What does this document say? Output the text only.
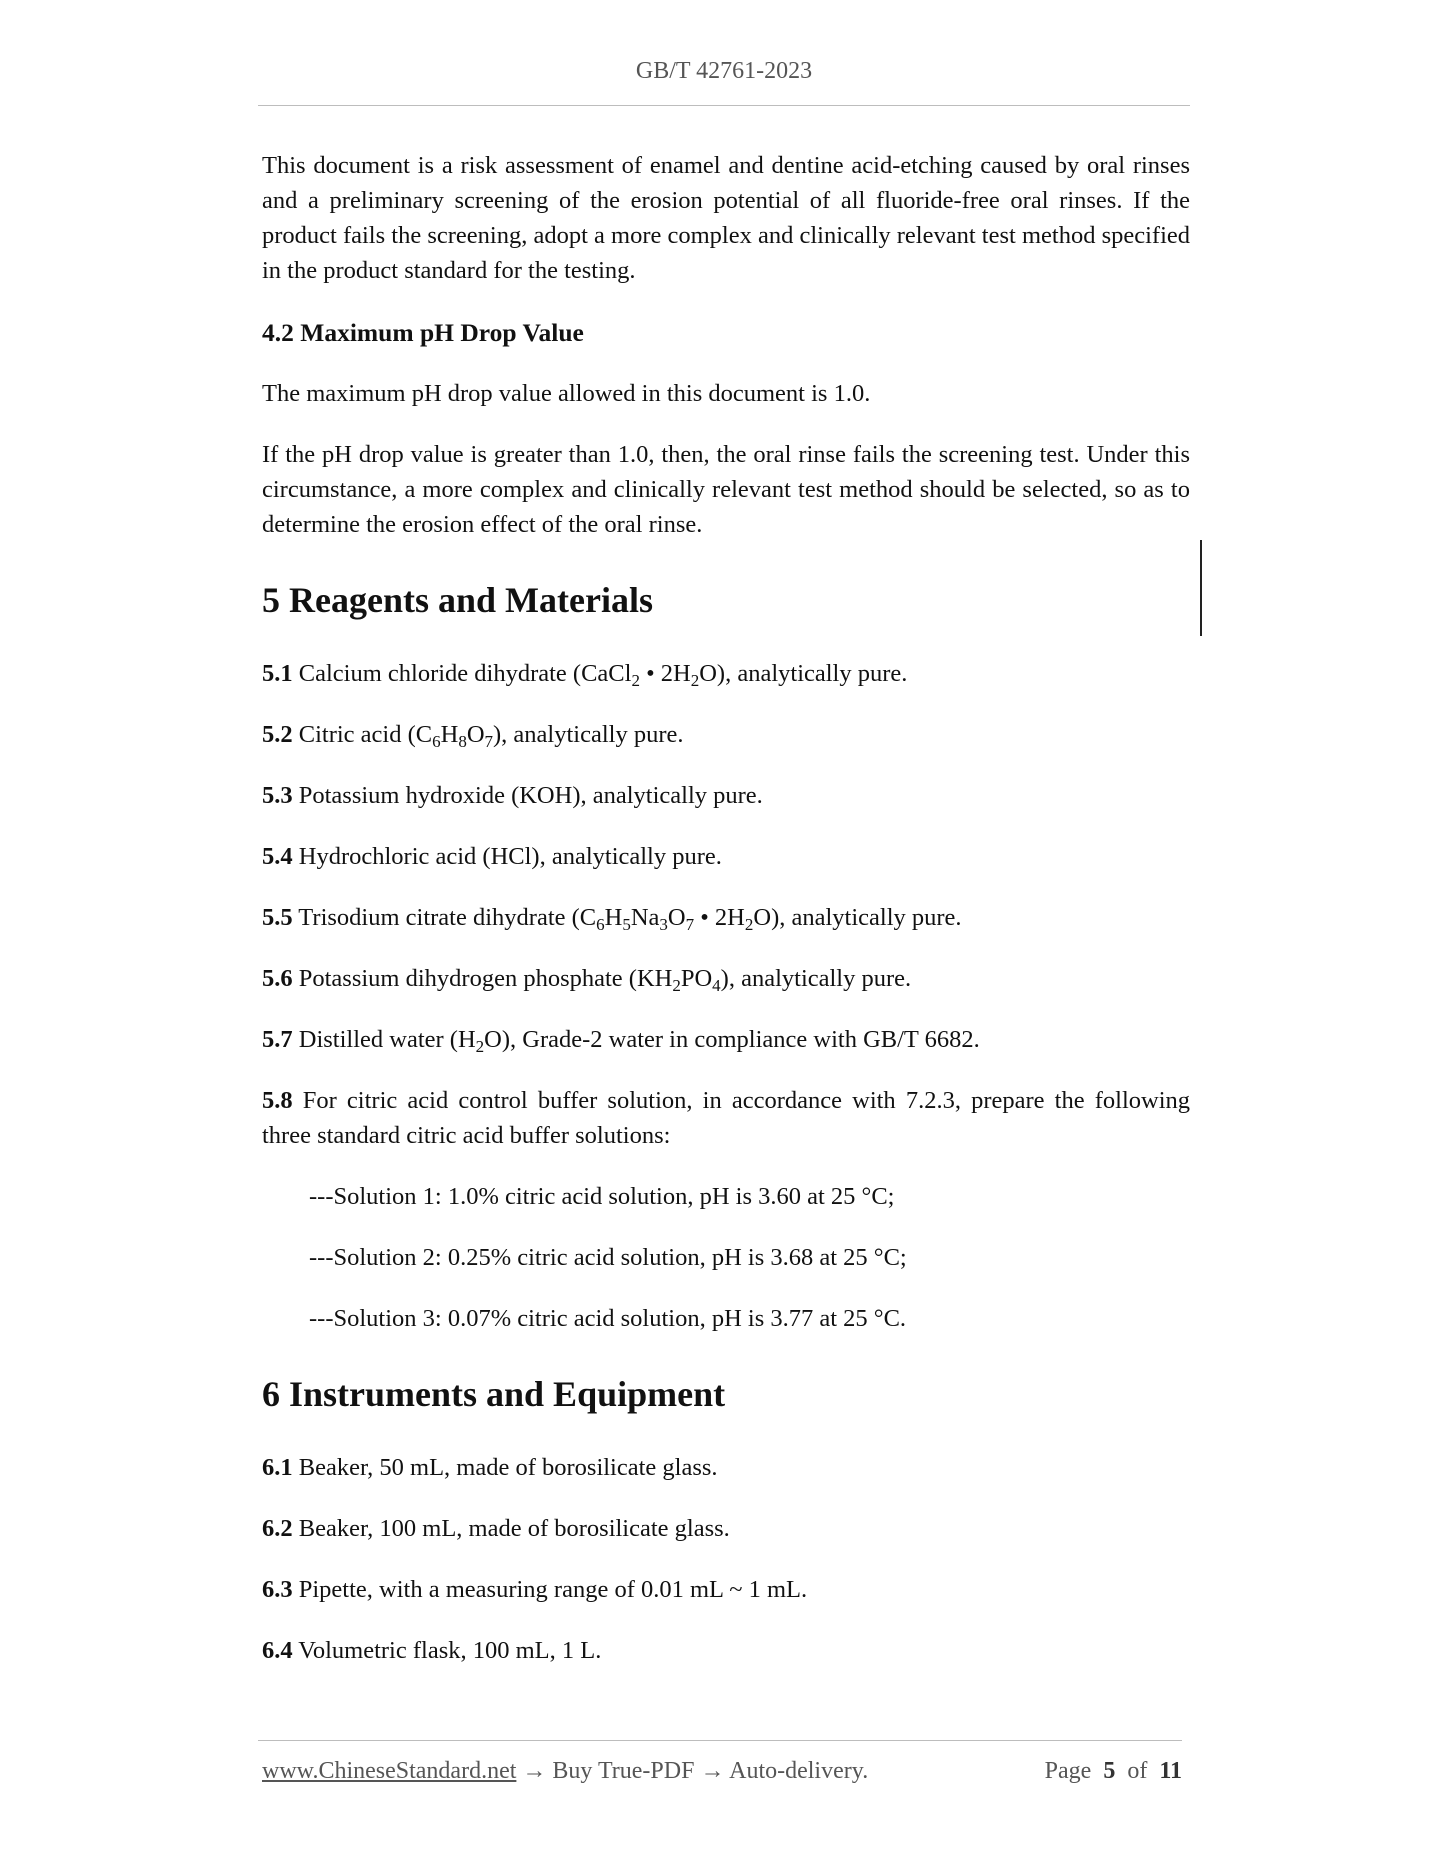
GB/T 42761-2023

This document is a risk assessment of enamel and dentine acid-etching caused by oral rinses and a preliminary screening of the erosion potential of all fluoride-free oral rinses. If the product fails the screening, adopt a more complex and clinically relevant test method specified in the product standard for the testing.

4.2 Maximum pH Drop Value

The maximum pH drop value allowed in this document is 1.0.

If the pH drop value is greater than 1.0, then, the oral rinse fails the screening test. Under this circumstance, a more complex and clinically relevant test method should be selected, so as to determine the erosion effect of the oral rinse.

5 Reagents and Materials

5.1 Calcium chloride dihydrate (CaCl$_2$ • $2H_2O$), analytically pure.

5.2 Citric acid $(C_6H_8O_7)$, analytically pure.

5.3 Potassium hydroxide (KOH), analytically pure.

5.4 Hydrochloric acid (HCl), analytically pure.

5.5 Trisodium citrate dihydrate ($C_6H_5Na_3O_7$ • $2H_2O$), analytically pure.

5.6 Potassium dihydrogen phosphate $(KH_2PO_4)$, analytically pure.

5.7 Distilled water $(H_2O)$, Grade-2 water in compliance with GB/T 6682.

5.8 For citric acid control buffer solution, in accordance with 7.2.3, prepare the following three standard citric acid buffer solutions:

---Solution 1: 1.0% citric acid solution, pH is 3.60 at 25 °C;

---Solution 2: 0.25% citric acid solution, pH is 3.68 at 25 °C;

---Solution 3: 0.07% citric acid solution, pH is 3.77 at 25 °C.

6 Instruments and Equipment

6.1 Beaker, 50 mL, made of borosilicate glass.

6.2 Beaker, 100 mL, made of borosilicate glass.

6.3 Pipette, with a measuring range of 0.01 mL ~ 1 mL.

6.4 Volumetric flask, 100 mL, 1 L.

www.ChineseStandard.net → Buy True-PDF → Auto-delivery.	Page 5 of 11
